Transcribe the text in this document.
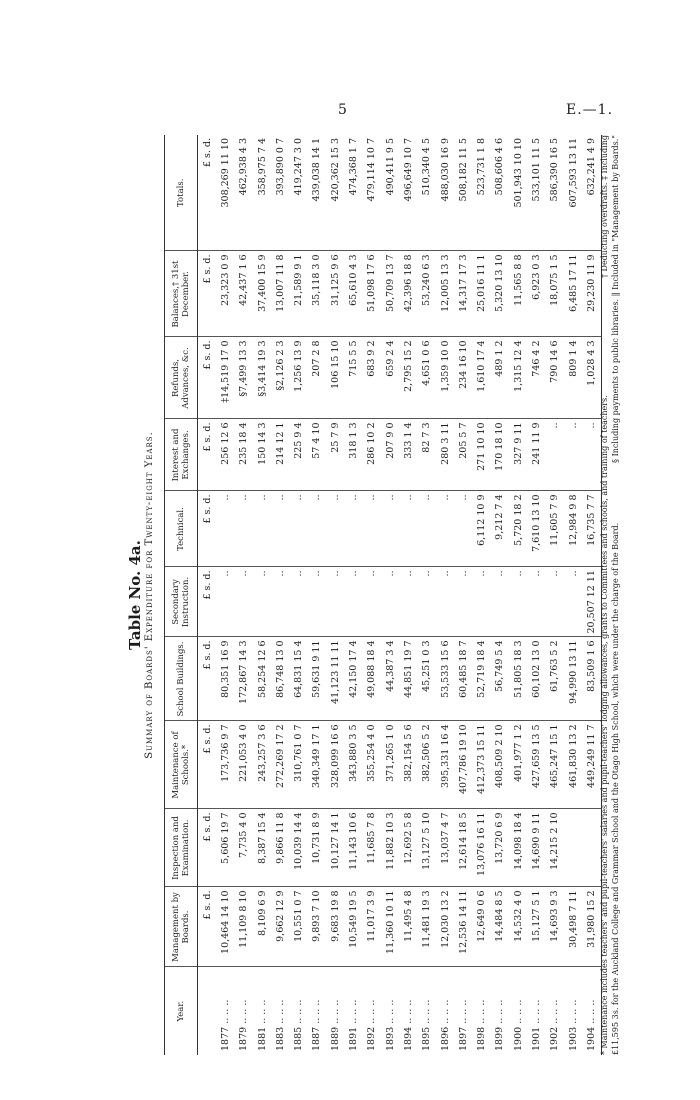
5	E.—1.
Table No. 4a. Summary of Boards' Expenditure for Twenty-eight Years.
Year.	Management by Boards.	Inspection and Examination.	Maintenance of Schools.*	School Buildings.	Secondary Instruction.	Technical.	Interest and Exchanges.	Refunds, Advances, &c.	Balances,† 31st December.	Totals.
	£ s. d.	£ s. d.	£ s. d.	£ s. d.	£ s. d.	£ s. d.	£ s. d.	£ s. d.	£ s. d.	£ s. d.
1877 .. .. ..	10,464 14 10	5,606 19 7	173,736 9 7	80,351 16 9	..	..	256 12 6	‡14,519 17 0	23,323 0 9	308,269 11 10
1879 .. .. ..	11,109 8 10	7,735 4 0	221,053 4 0	172,867 14 3	..	..	235 18 4	§7,499 13 3	42,437 1 6	462,938 4 3
1881 .. .. ..	8,109 6 9	8,387 15 4	243,257 3 6	58,254 12 6	..	..	150 14 3	§3,414 19 3	37,400 15 9	358,975 7 4
1883 .. .. ..	9,662 12 9	9,866 11 8	272,269 17 2	86,748 13 0	..	..	214 12 1	§2,126 2 3	13,007 11 8	393,890 0 7
1885 .. .. ..	10,551 0 7	10,039 14 4	310,761 0 7	64,831 15 4	..	..	225 9 4	1,256 13 9	21,589 9 1	419,247 3 0
1887 .. .. ..	9,893 7 10	10,731 8 9	340,349 17 1	59,631 9 11	..	..	57 4 10	207 2 8	35,118 3 0	439,038 14 1
1889 .. .. ..	9,683 19 8	10,127 14 1	328,099 16 6	41,123 11 11	..	..	25 7 9	106 15 10	31,125 9 6	420,362 15 3
1891 .. .. ..	10,549 19 5	11,143 10 6	343,880 3 5	42,150 17 4	..	..	318 1 3	715 5 5	65,610 4 3	474,368 1 7
1892 .. .. ..	11,017 3 9	11,685 7 8	355,254 4 0	49,088 18 4	..	..	286 10 2	683 9 2	51,098 17 6	479,114 10 7
1893 .. .. ..	11,360 10 11	11,882 10 3	371,265 1 0	44,387 3 4	..	..	207 9 0	659 2 4	50,709 13 7	490,411 9 5
1894 .. .. ..	11,495 4 8	12,692 5 8	382,154 5 6	44,851 19 7	..	..	333 1 4	2,795 15 2	42,396 18 8	496,649 10 7
1895 .. .. ..	11,481 19 3	13,127 5 10	382,506 5 2	45,251 0 3	..	..	82 7 3	4,651 0 6	53,240 6 3	510,340 4 5
1896 .. .. ..	12,030 13 2	13,037 4 7	395,331 16 4	53,533 15 6	..	..	280 3 11	1,359 10 0	12,005 13 3	488,030 16 9
1897 .. .. ..	12,536 14 11	12,614 18 5	407,786 19 10	60,485 18 7	..	..	205 5 7	234 16 10	14,317 17 3	508,182 11 5
1898 .. .. ..	12,649 0 6	13,076 16 11	412,373 15 11	52,719 18 4	..	6,112 10 9	271 10 10	1,610 17 4	25,016 11 1	523,731 1 8
1899 .. .. ..	14,484 8 5	13,720 6 9	408,509 2 10	56,749 5 4	..	9,212 7 4	170 18 10	489 1 2	5,320 13 10	508,606 4 6
1900 .. .. ..	14,532 4 0	14,098 18 4	401,977 1 2	51,805 18 3	..	5,720 18 2	327 9 11	1,315 12 4	11,565 8 8	501,943 10 10
1901 .. .. ..	15,127 5 1	14,690 9 11	427,659 13 5	60,102 13 0	..	7,610 13 10	241 11 9	746 4 2	6,923 0 3	533,101 11 5
1902 .. .. ..	14,693 9 3	14,215 2 10	465,247 15 1	61,763 5 2	..	11,605 7 9	..	790 14 6	18,075 1 5	586,390 16 5
1903 .. .. ..	30,498 7 11		461,830 13 2	94,990 13 11	..	12,984 9 8	..	809 1 4	6,485 17 11	607,593 13 11
1904 .. .. ..	31,980 15 2		449,249 11 7	83,509 1 6	20,507 12 11	16,735 7 7	..	1,028 4 3	29,230 11 9	632,241 4 9
* Maintenance includes teachers' and pupil-teachers' salaries and pupil-teachers' lodging allowances, grants to Committees and schools, and training of teachers.
† Deducting overdrafts. ‡ Including
£11,595 3s. for the Auckland College and Grammar School and the Otago High School, which were under the charge of the Board.
§ Including payments to public libraries. ‖ Included in "Management by Boards."
